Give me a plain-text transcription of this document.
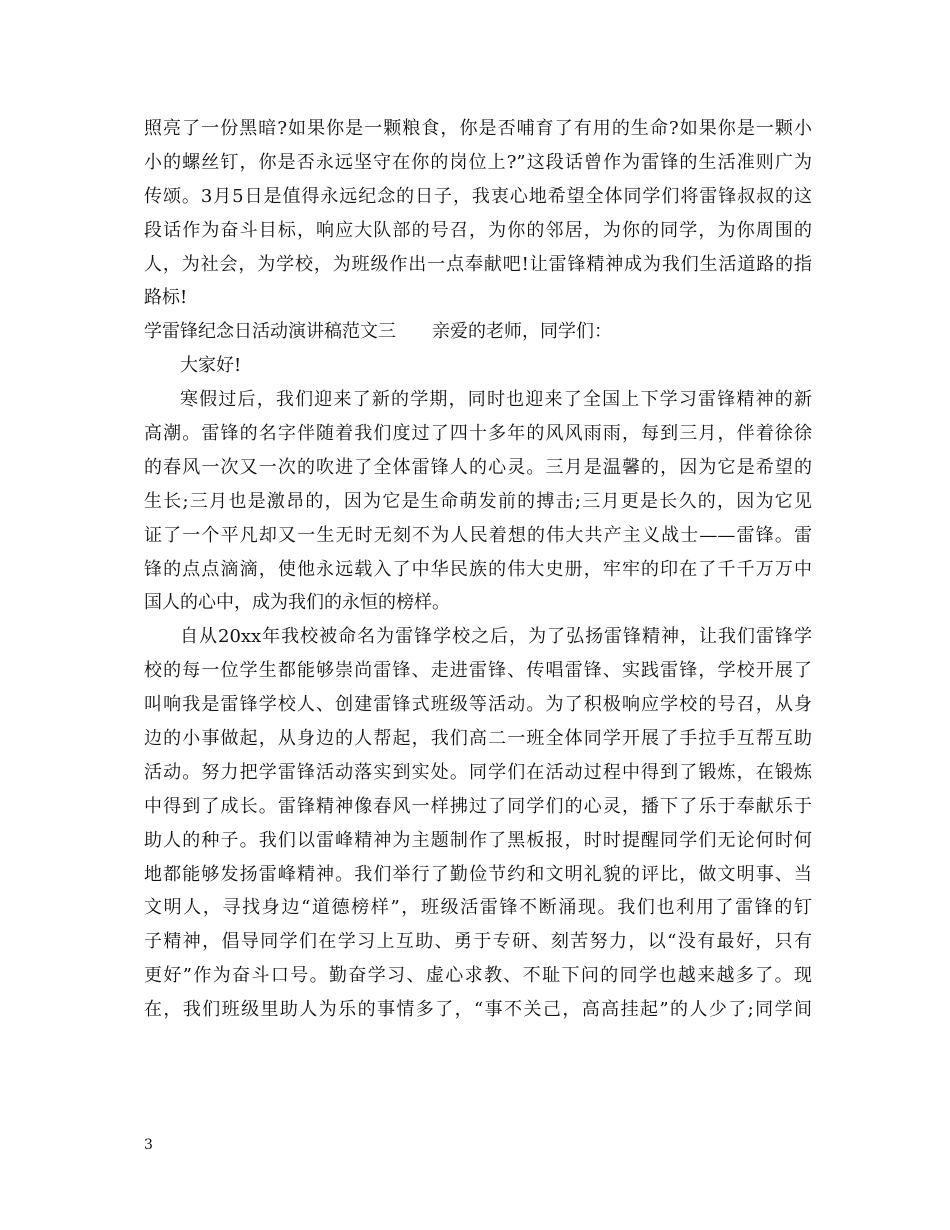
照亮了一份黑暗?如果你是一颗粮食，你是否哺育了有用的生命?如果你是一颗小
小的螺丝钉，你是否永远坚守在你的岗位上?”这段话曾作为雷锋的生活准则广为
传颂。3月5日是值得永远纪念的日子，我衷心地希望全体同学们将雷锋叔叔的这
段话作为奋斗目标，响应大队部的号召，为你的邻居，为你的同学，为你周围的
人，为社会，为学校，为班级作出一点奉献吧!让雷锋精神成为我们生活道路的指
路标!
学雷锋纪念日活动演讲稿范文三 亲爱的老师，同学们：
大家好!
寒假过后，我们迎来了新的学期，同时也迎来了全国上下学习雷锋精神的新
高潮。雷锋的名字伴随着我们度过了四十多年的风风雨雨，每到三月，伴着徐徐
的春风一次又一次的吹进了全体雷锋人的心灵。三月是温馨的，因为它是希望的
生长;三月也是激昂的，因为它是生命萌发前的搏击;三月更是长久的，因为它见
证了一个平凡却又一生无时无刻不为人民着想的伟大共产主义战士——雷锋。雷
锋的点点滴滴，使他永远载入了中华民族的伟大史册，牢牢的印在了千千万万中
国人的心中，成为我们的永恒的榜样。
自从20xx年我校被命名为雷锋学校之后，为了弘扬雷锋精神，让我们雷锋学
校的每一位学生都能够崇尚雷锋、走进雷锋、传唱雷锋、实践雷锋，学校开展了
叫响我是雷锋学校人、创建雷锋式班级等活动。为了积极响应学校的号召，从身
边的小事做起，从身边的人帮起，我们高二一班全体同学开展了手拉手互帮互助
活动。努力把学雷锋活动落实到实处。同学们在活动过程中得到了锻炼，在锻炼
中得到了成长。雷锋精神像春风一样拂过了同学们的心灵，播下了乐于奉献乐于
助人的种子。我们以雷峰精神为主题制作了黑板报，时时提醒同学们无论何时何
地都能够发扬雷峰精神。我们举行了勤俭节约和文明礼貌的评比，做文明事、当
文明人，寻找身边“道德榜样”，班级活雷锋不断涌现。我们也利用了雷锋的钉
子精神，倡导同学们在学习上互助、勇于专研、刻苦努力，以“没有最好，只有
更好”作为奋斗口号。勤奋学习、虚心求教、不耻下问的同学也越来越多了。现
在，我们班级里助人为乐的事情多了，“事不关己，高高挂起”的人少了;同学间
3
